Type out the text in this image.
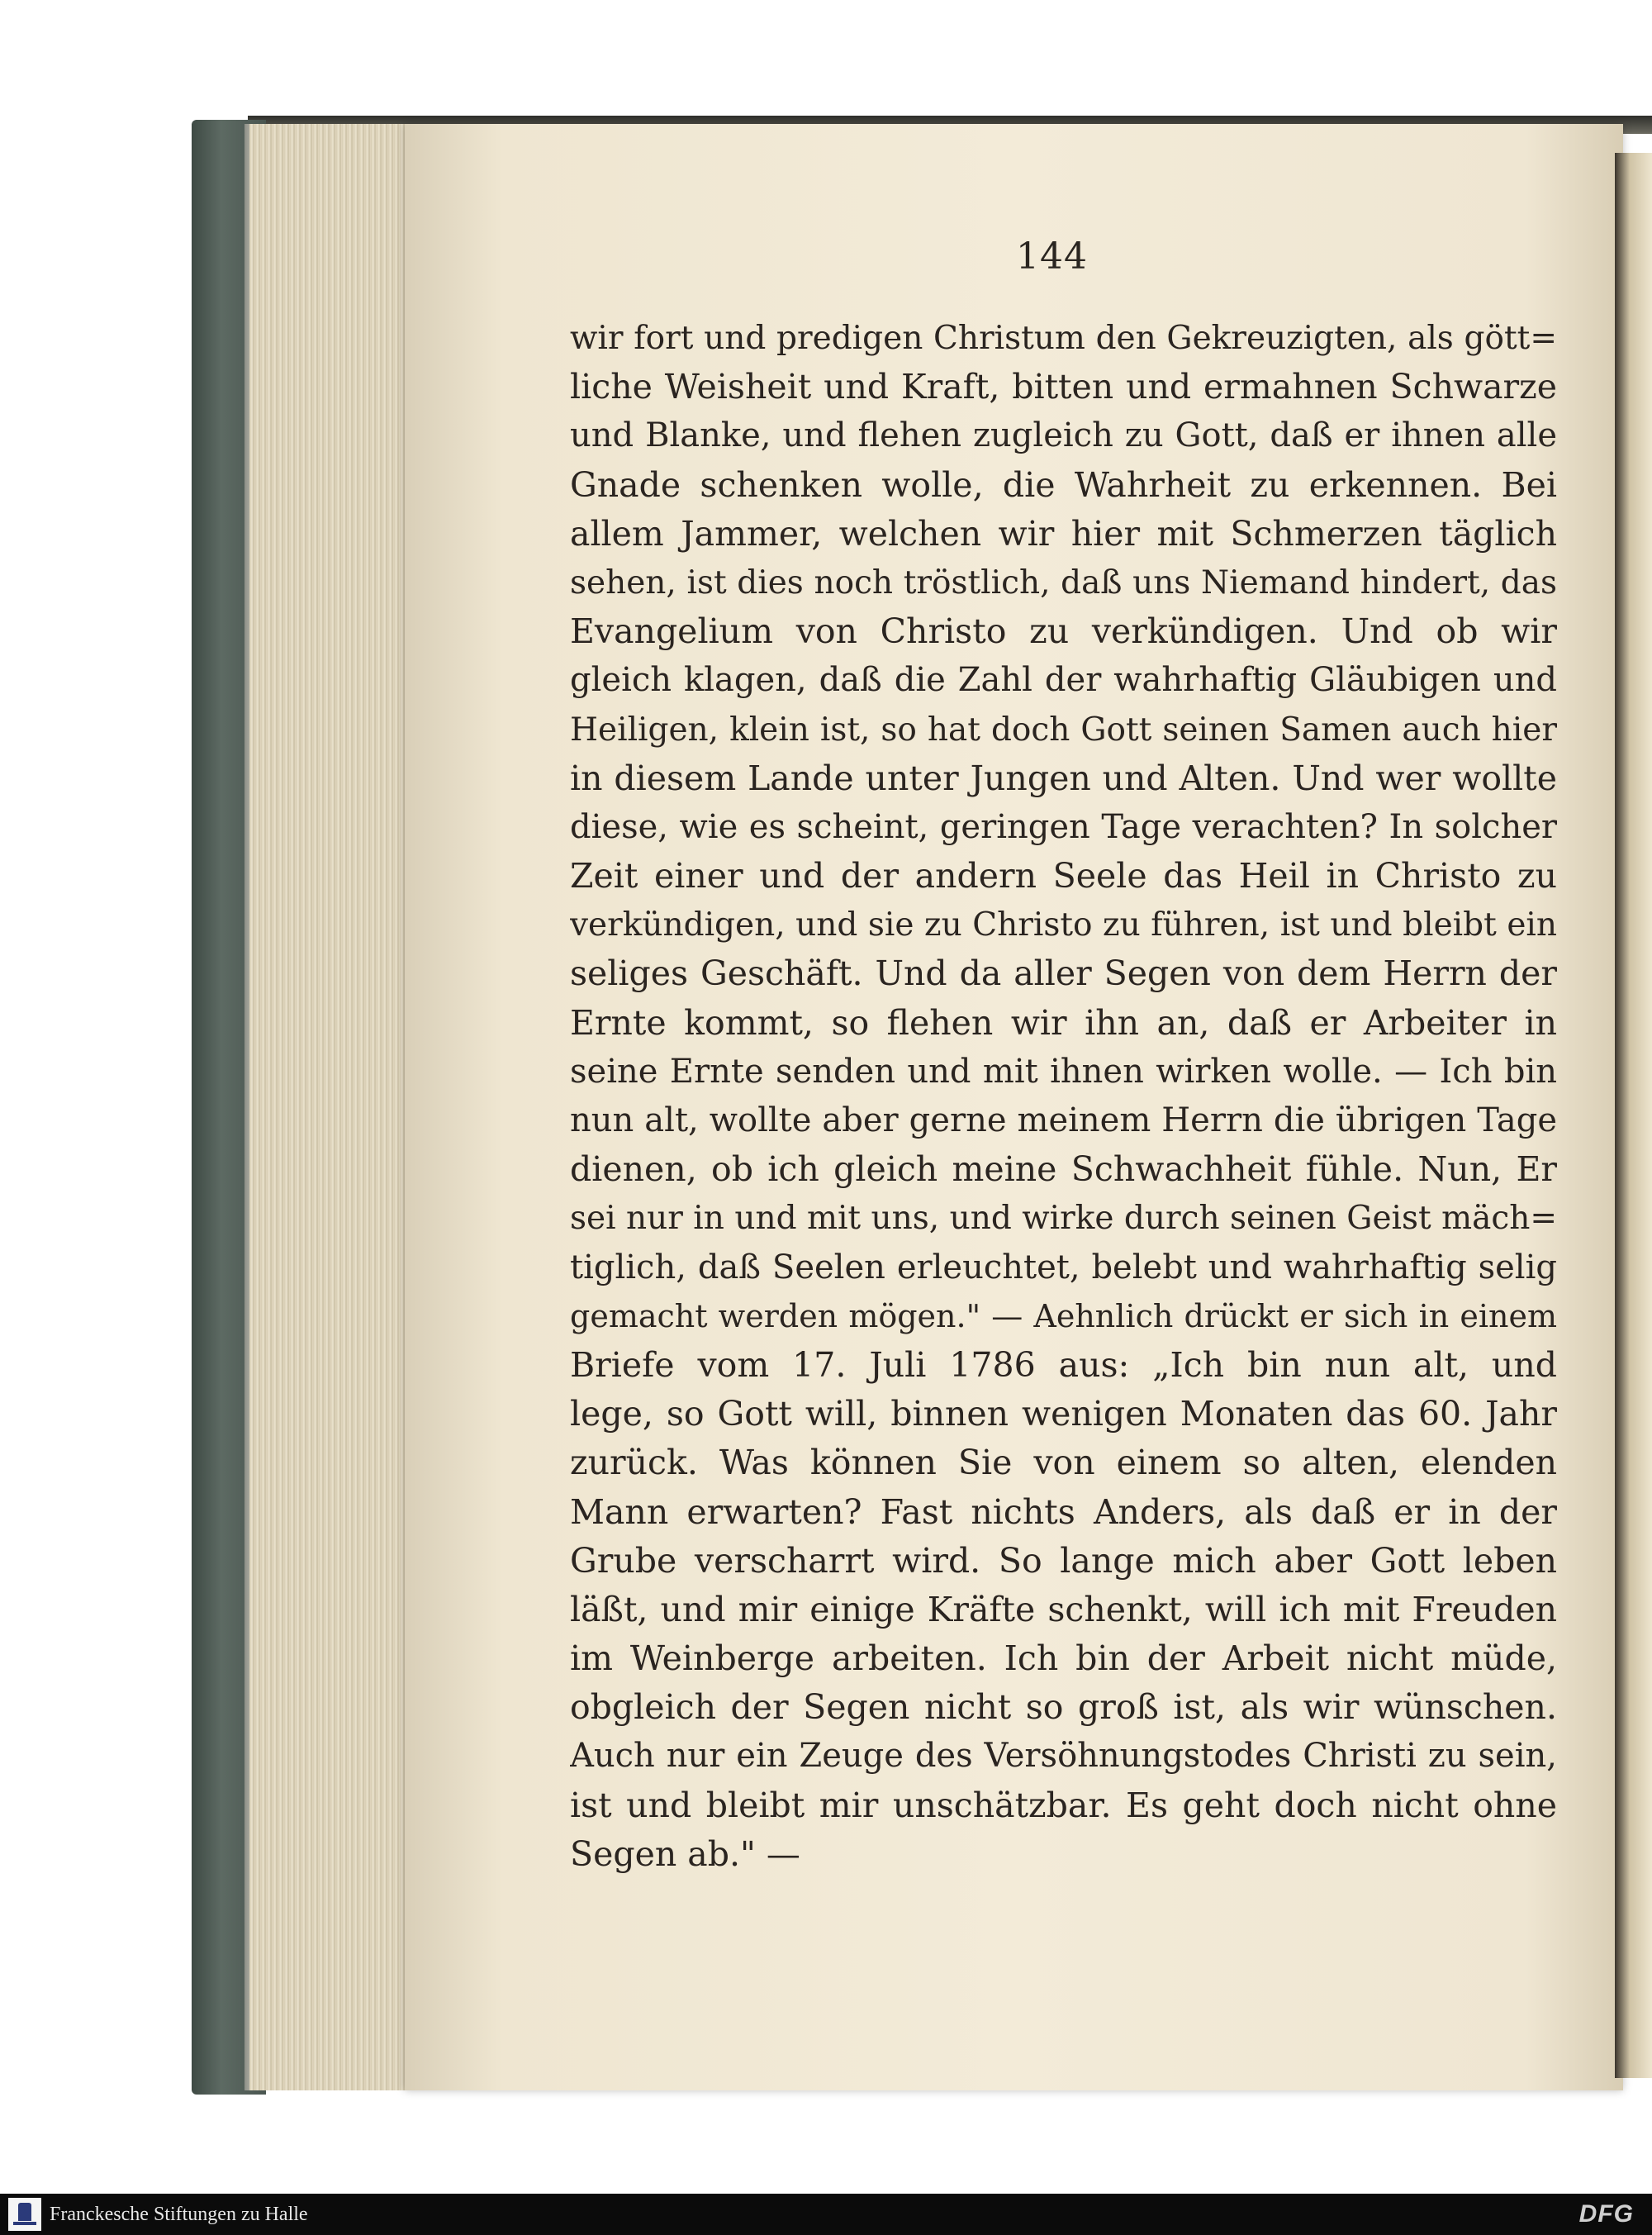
144
wir fort und predigen Christum den Gekreuzigten, als gött=
liche Weisheit und Kraft, bitten und ermahnen Schwarze
und Blanke, und flehen zugleich zu Gott, daß er ihnen alle
Gnade schenken wolle, die Wahrheit zu erkennen. Bei
allem Jammer, welchen wir hier mit Schmerzen täglich
sehen, ist dies noch tröstlich, daß uns Niemand hindert, das
Evangelium von Christo zu verkündigen. Und ob wir
gleich klagen, daß die Zahl der wahrhaftig Gläubigen und
Heiligen, klein ist, so hat doch Gott seinen Samen auch hier
in diesem Lande unter Jungen und Alten. Und wer wollte
diese, wie es scheint, geringen Tage verachten? In solcher
Zeit einer und der andern Seele das Heil in Christo zu
verkündigen, und sie zu Christo zu führen, ist und bleibt ein
seliges Geschäft. Und da aller Segen von dem Herrn der
Ernte kommt, so flehen wir ihn an, daß er Arbeiter in
seine Ernte senden und mit ihnen wirken wolle. — Ich bin
nun alt, wollte aber gerne meinem Herrn die übrigen Tage
dienen, ob ich gleich meine Schwachheit fühle. Nun, Er
sei nur in und mit uns, und wirke durch seinen Geist mäch=
tiglich, daß Seelen erleuchtet, belebt und wahrhaftig selig
gemacht werden mögen." — Aehnlich drückt er sich in einem
Briefe vom 17. Juli 1786 aus: „Ich bin nun alt, und
lege, so Gott will, binnen wenigen Monaten das 60. Jahr
zurück. Was können Sie von einem so alten, elenden
Mann erwarten? Fast nichts Anders, als daß er in der
Grube verscharrt wird. So lange mich aber Gott leben
läßt, und mir einige Kräfte schenkt, will ich mit Freuden
im Weinberge arbeiten. Ich bin der Arbeit nicht müde,
obgleich der Segen nicht so groß ist, als wir wünschen.
Auch nur ein Zeuge des Versöhnungstodes Christi zu sein,
ist und bleibt mir unschätzbar. Es geht doch nicht ohne
Segen ab." —
Franckesche Stiftungen zu Halle	DFG
